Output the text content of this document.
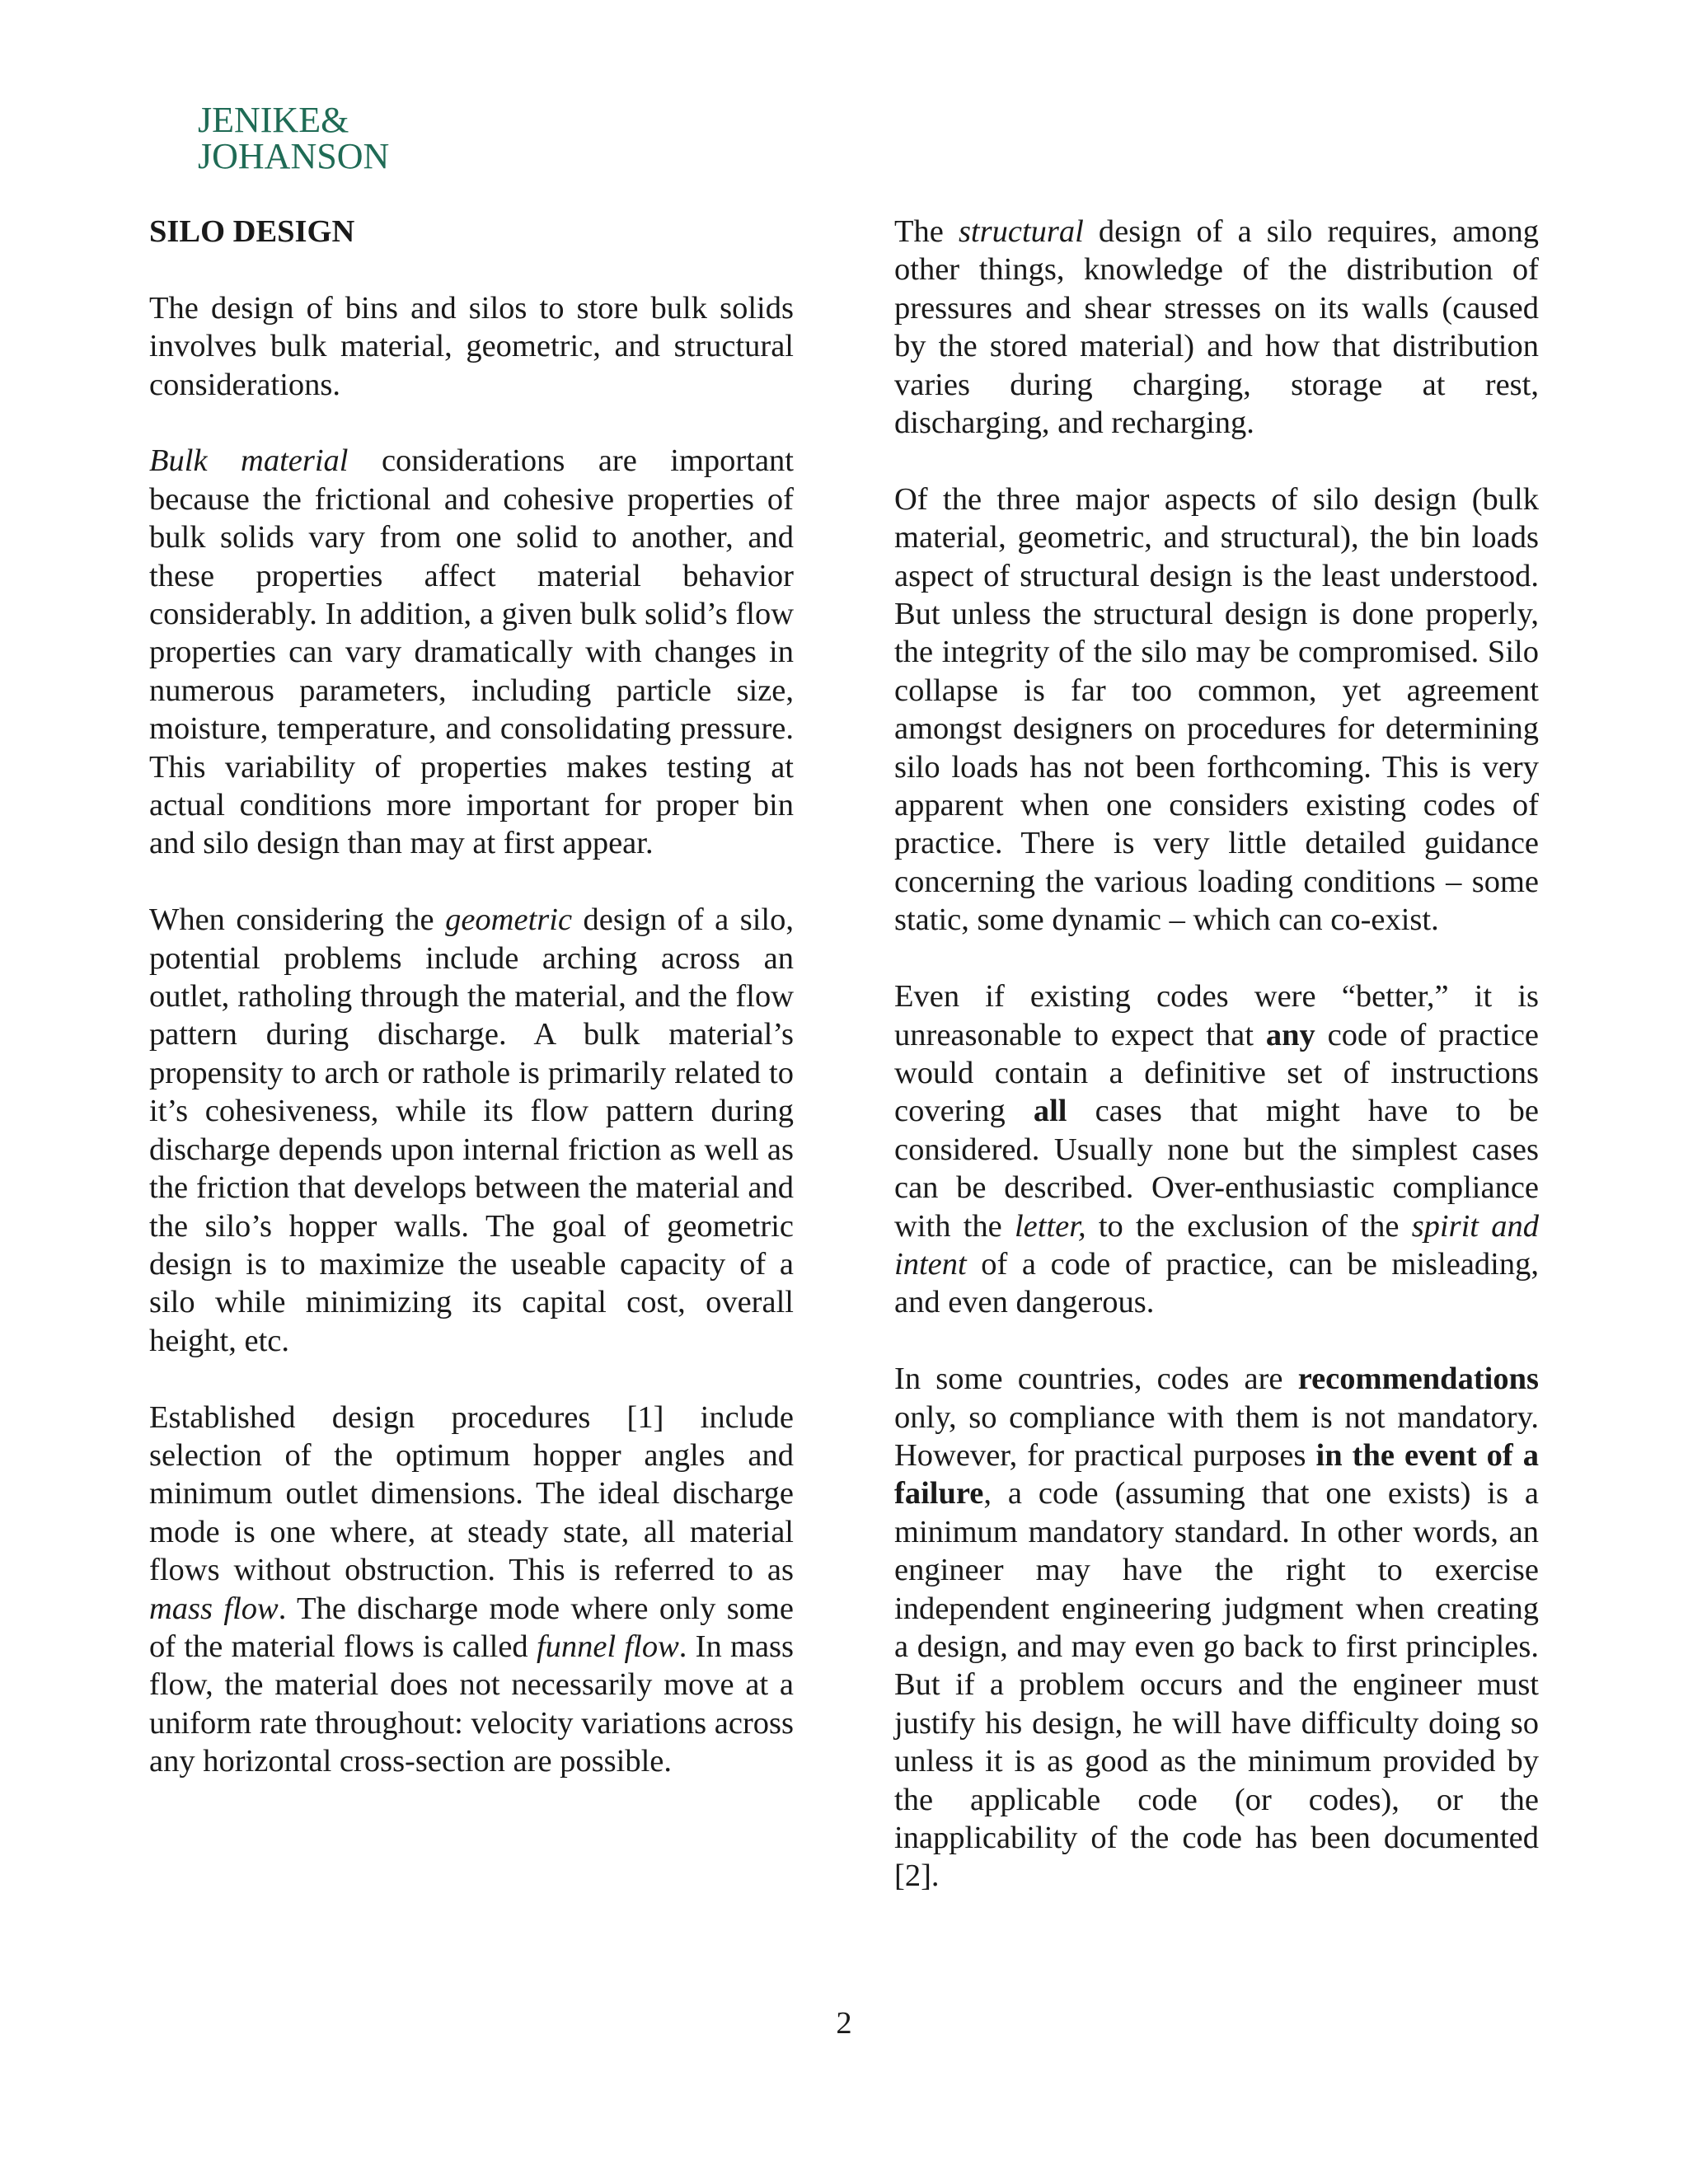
JENIKE&
JOHANSON
SILO DESIGN

The design of bins and silos to store bulk solids involves bulk material, geometric, and structural considerations.

Bulk material considerations are important because the frictional and cohesive properties of bulk solids vary from one solid to another, and these properties affect material behavior considerably. In addition, a given bulk solid’s flow properties can vary dramatically with changes in numerous parameters, including particle size, moisture, temperature, and consolidating pressure. This variability of properties makes testing at actual conditions more important for proper bin and silo design than may at first appear.

When considering the geometric design of a silo, potential problems include arching across an outlet, ratholing through the material, and the flow pattern during discharge. A bulk material’s propensity to arch or rathole is primarily related to it’s cohesiveness, while its flow pattern during discharge depends upon internal friction as well as the friction that develops between the material and the silo’s hopper walls. The goal of geometric design is to maximize the useable capacity of a silo while minimizing its capital cost, overall height, etc.

Established design procedures [1] include selection of the optimum hopper angles and minimum outlet dimensions. The ideal discharge mode is one where, at steady state, all material flows without obstruction. This is referred to as mass flow. The discharge mode where only some of the material flows is called funnel flow. In mass flow, the material does not necessarily move at a uniform rate throughout: velocity variations across any horizontal cross-section are possible.

The structural design of a silo requires, among other things, knowledge of the distribution of pressures and shear stresses on its walls (caused by the stored material) and how that distribution varies during charging, storage at rest, discharging, and recharging.

Of the three major aspects of silo design (bulk material, geometric, and structural), the bin loads aspect of structural design is the least understood. But unless the structural design is done properly, the integrity of the silo may be compromised. Silo collapse is far too common, yet agreement amongst designers on procedures for determining silo loads has not been forthcoming. This is very apparent when one considers existing codes of practice. There is very little detailed guidance concerning the various loading conditions – some static, some dynamic – which can co-exist.

Even if existing codes were “better,” it is unreasonable to expect that any code of practice would contain a definitive set of instructions covering all cases that might have to be considered. Usually none but the simplest cases can be described. Over-enthusiastic compliance with the letter, to the exclusion of the spirit and intent of a code of practice, can be misleading, and even dangerous.

In some countries, codes are recommendations only, so compliance with them is not mandatory. However, for practical purposes in the event of a failure, a code (assuming that one exists) is a minimum mandatory standard. In other words, an engineer may have the right to exercise independent engineering judgment when creating a design, and may even go back to first principles. But if a problem occurs and the engineer must justify his design, he will have difficulty doing so unless it is as good as the minimum provided by the applicable code (or codes), or the inapplicability of the code has been documented [2].

2
